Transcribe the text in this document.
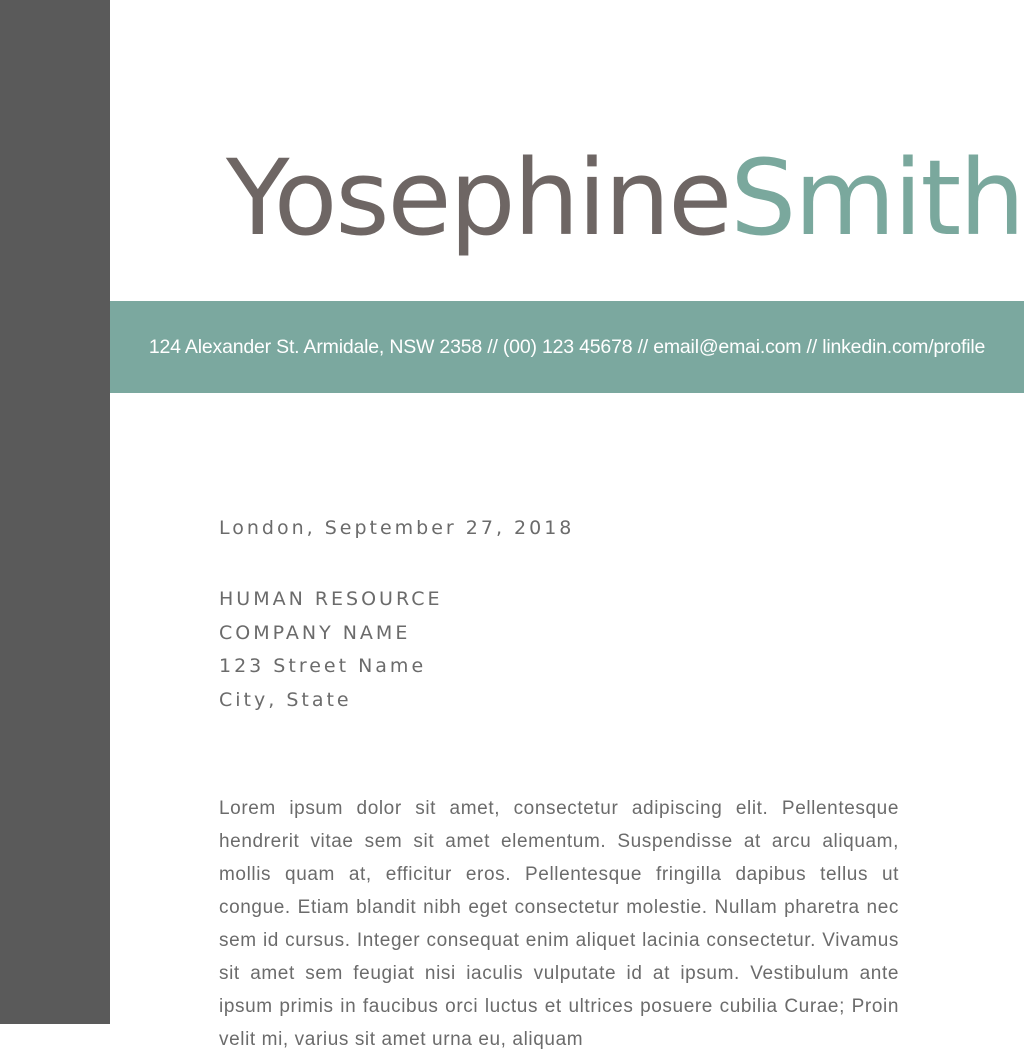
YosephineSmith
124 Alexander St. Armidale, NSW 2358 // (00) 123 45678 // email@emai.com // linkedin.com/profile
London, September 27, 2018
HUMAN RESOURCE
COMPANY NAME
123 Street Name
City, State
Lorem ipsum dolor sit amet, consectetur adipiscing elit. Pellentesque hendrerit vitae sem sit amet elementum. Suspendisse at arcu aliquam, mollis quam at, efficitur eros. Pellentesque fringilla dapibus tellus ut congue. Etiam blandit nibh eget consectetur molestie. Nullam pharetra nec sem id cursus. Integer consequat enim aliquet lacinia consectetur. Vivamus sit amet sem feugiat nisi iaculis vulputate id at ipsum. Vestibulum ante ipsum primis in faucibus orci luctus et ultrices posuere cubilia Curae; Proin velit mi, varius sit amet urna eu, aliquam
